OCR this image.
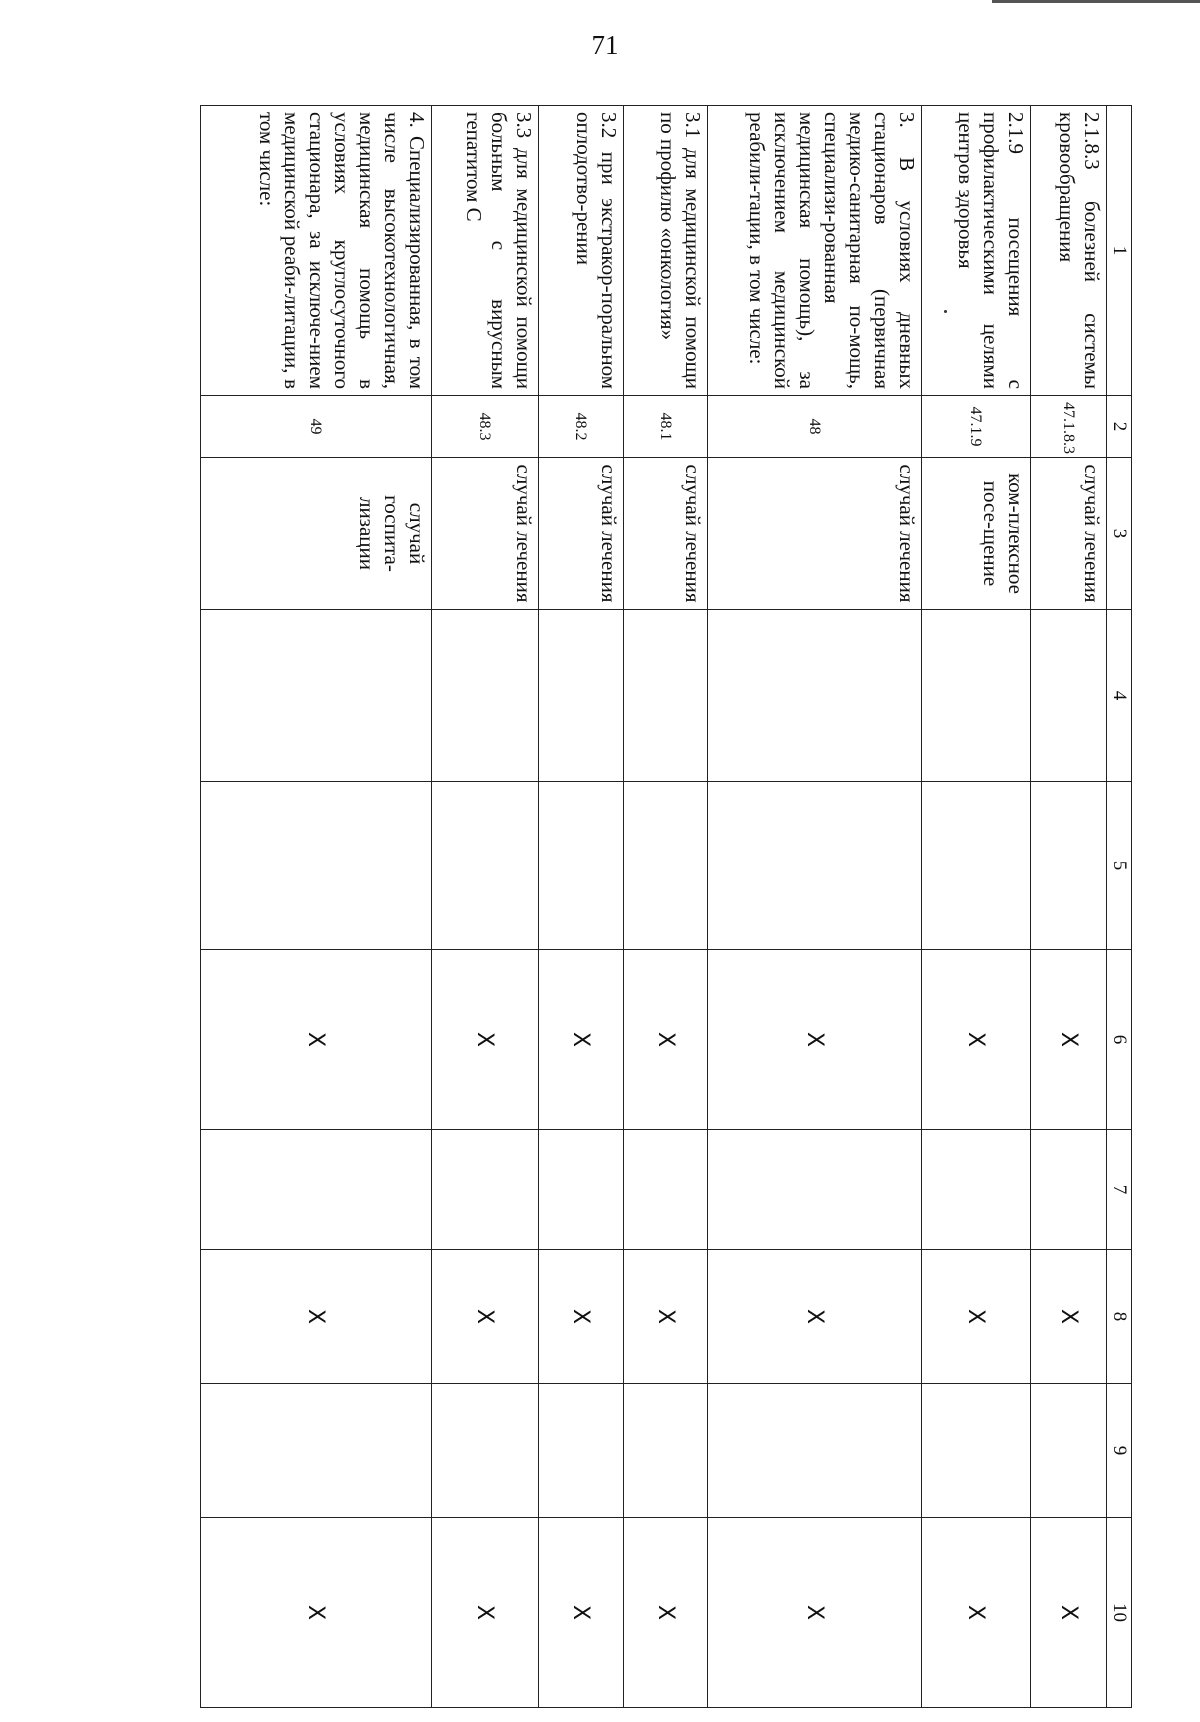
71
1	2	3	4	5	6	7	8	9	10
2.1.8.3 болезней системы кровообращения	47.1.8.3	случай лечения			X		X		X
2.1.9 посещения с профилактическими целями центров здоровья	47.1.9	ком-плексное посе-щение			X		X		X
3. В условиях дневных стационаров (первичная медико-санитарная по-мощь, специализи-рованная медицинская помощь), за исключением медицинской реабили-тации, в том числе:	48	случай лечения			X		X		X
3.1 для медицинской помощи по профилю «онкология»	48.1	случай лечения			X		X		X
3.2 при экстракор-поральном оплодотво-рении	48.2	случай лечения			X		X		X
3.3 для медицинской помощи больным с вирусным гепатитом С	48.3	случай лечения			X		X		X
4. Специализированная, в том числе высокотехнологичная, медицинская помощь в условиях круглосуточного стационара, за исключе-нием медицинской реаби-литации, в том числе:	49	случай госпита-лизации			X		X		X
